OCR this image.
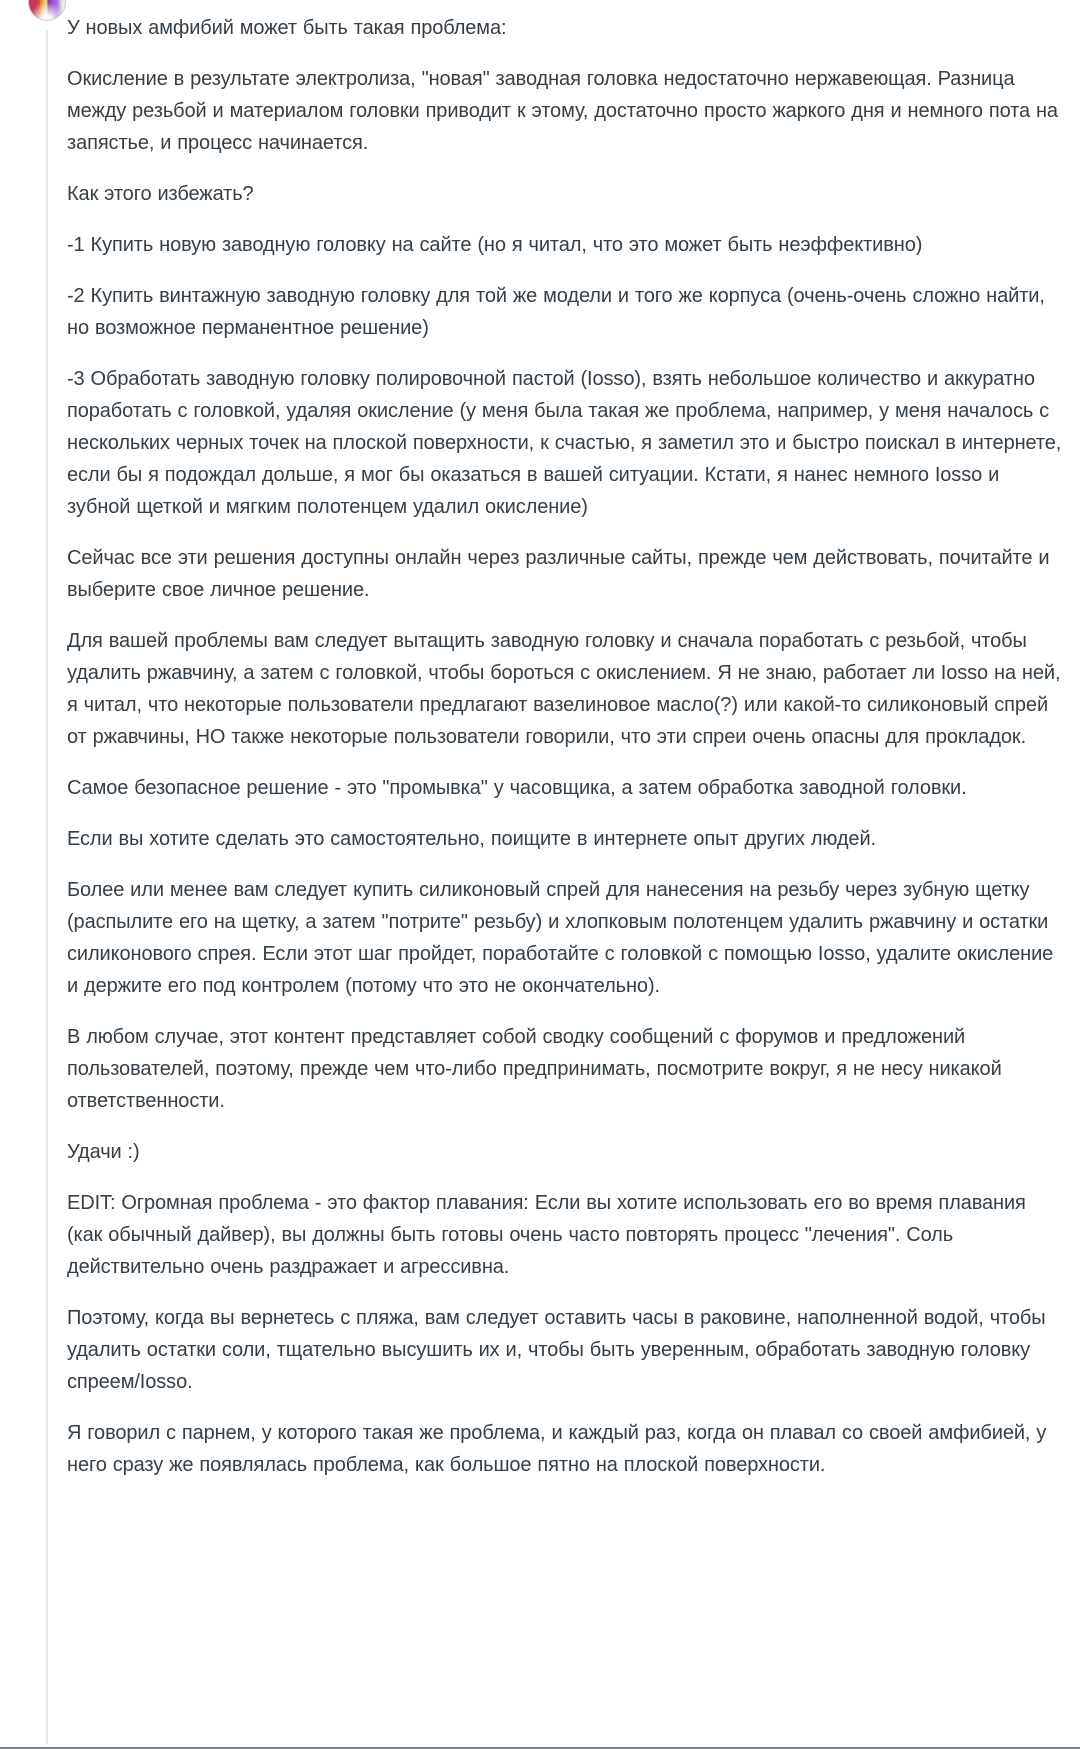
У новых амфибий может быть такая проблема:

Окисление в результате электролиза, "новая" заводная головка недостаточно нержавеющая. Разница между резьбой и материалом головки приводит к этому, достаточно просто жаркого дня и немного пота на запястье, и процесс начинается.

Как этого избежать?

-1 Купить новую заводную головку на сайте (но я читал, что это может быть неэффективно)

-2 Купить винтажную заводную головку для той же модели и того же корпуса (очень-очень сложно найти, но возможное перманентное решение)

-3 Обработать заводную головку полировочной пастой (Iosso), взять небольшое количество и аккуратно поработать с головкой, удаляя окисление (у меня была такая же проблема, например, у меня началось с нескольких черных точек на плоской поверхности, к счастью, я заметил это и быстро поискал в интернете, если бы я подождал дольше, я мог бы оказаться в вашей ситуации. Кстати, я нанес немного Iosso и зубной щеткой и мягким полотенцем удалил окисление)

Сейчас все эти решения доступны онлайн через различные сайты, прежде чем действовать, почитайте и выберите свое личное решение.

Для вашей проблемы вам следует вытащить заводную головку и сначала поработать с резьбой, чтобы удалить ржавчину, а затем с головкой, чтобы бороться с окислением. Я не знаю, работает ли Iosso на ней, я читал, что некоторые пользователи предлагают вазелиновое масло(?) или какой-то силиконовый спрей от ржавчины, НО также некоторые пользователи говорили, что эти спреи очень опасны для прокладок.

Самое безопасное решение - это "промывка" у часовщика, а затем обработка заводной головки.

Если вы хотите сделать это самостоятельно, поищите в интернете опыт других людей.

Более или менее вам следует купить силиконовый спрей для нанесения на резьбу через зубную щетку (распылите его на щетку, а затем "потрите" резьбу) и хлопковым полотенцем удалить ржавчину и остатки силиконового спрея. Если этот шаг пройдет, поработайте с головкой с помощью Iosso, удалите окисление и держите его под контролем (потому что это не окончательно).

В любом случае, этот контент представляет собой сводку сообщений с форумов и предложений пользователей, поэтому, прежде чем что-либо предпринимать, посмотрите вокруг, я не несу никакой ответственности.

Удачи :)

EDIT: Огромная проблема - это фактор плавания: Если вы хотите использовать его во время плавания (как обычный дайвер), вы должны быть готовы очень часто повторять процесс "лечения". Соль действительно очень раздражает и агрессивна.

Поэтому, когда вы вернетесь с пляжа, вам следует оставить часы в раковине, наполненной водой, чтобы удалить остатки соли, тщательно высушить их и, чтобы быть уверенным, обработать заводную головку спреем/Iosso.

Я говорил с парнем, у которого такая же проблема, и каждый раз, когда он плавал со своей амфибией, у него сразу же появлялась проблема, как большое пятно на плоской поверхности.
